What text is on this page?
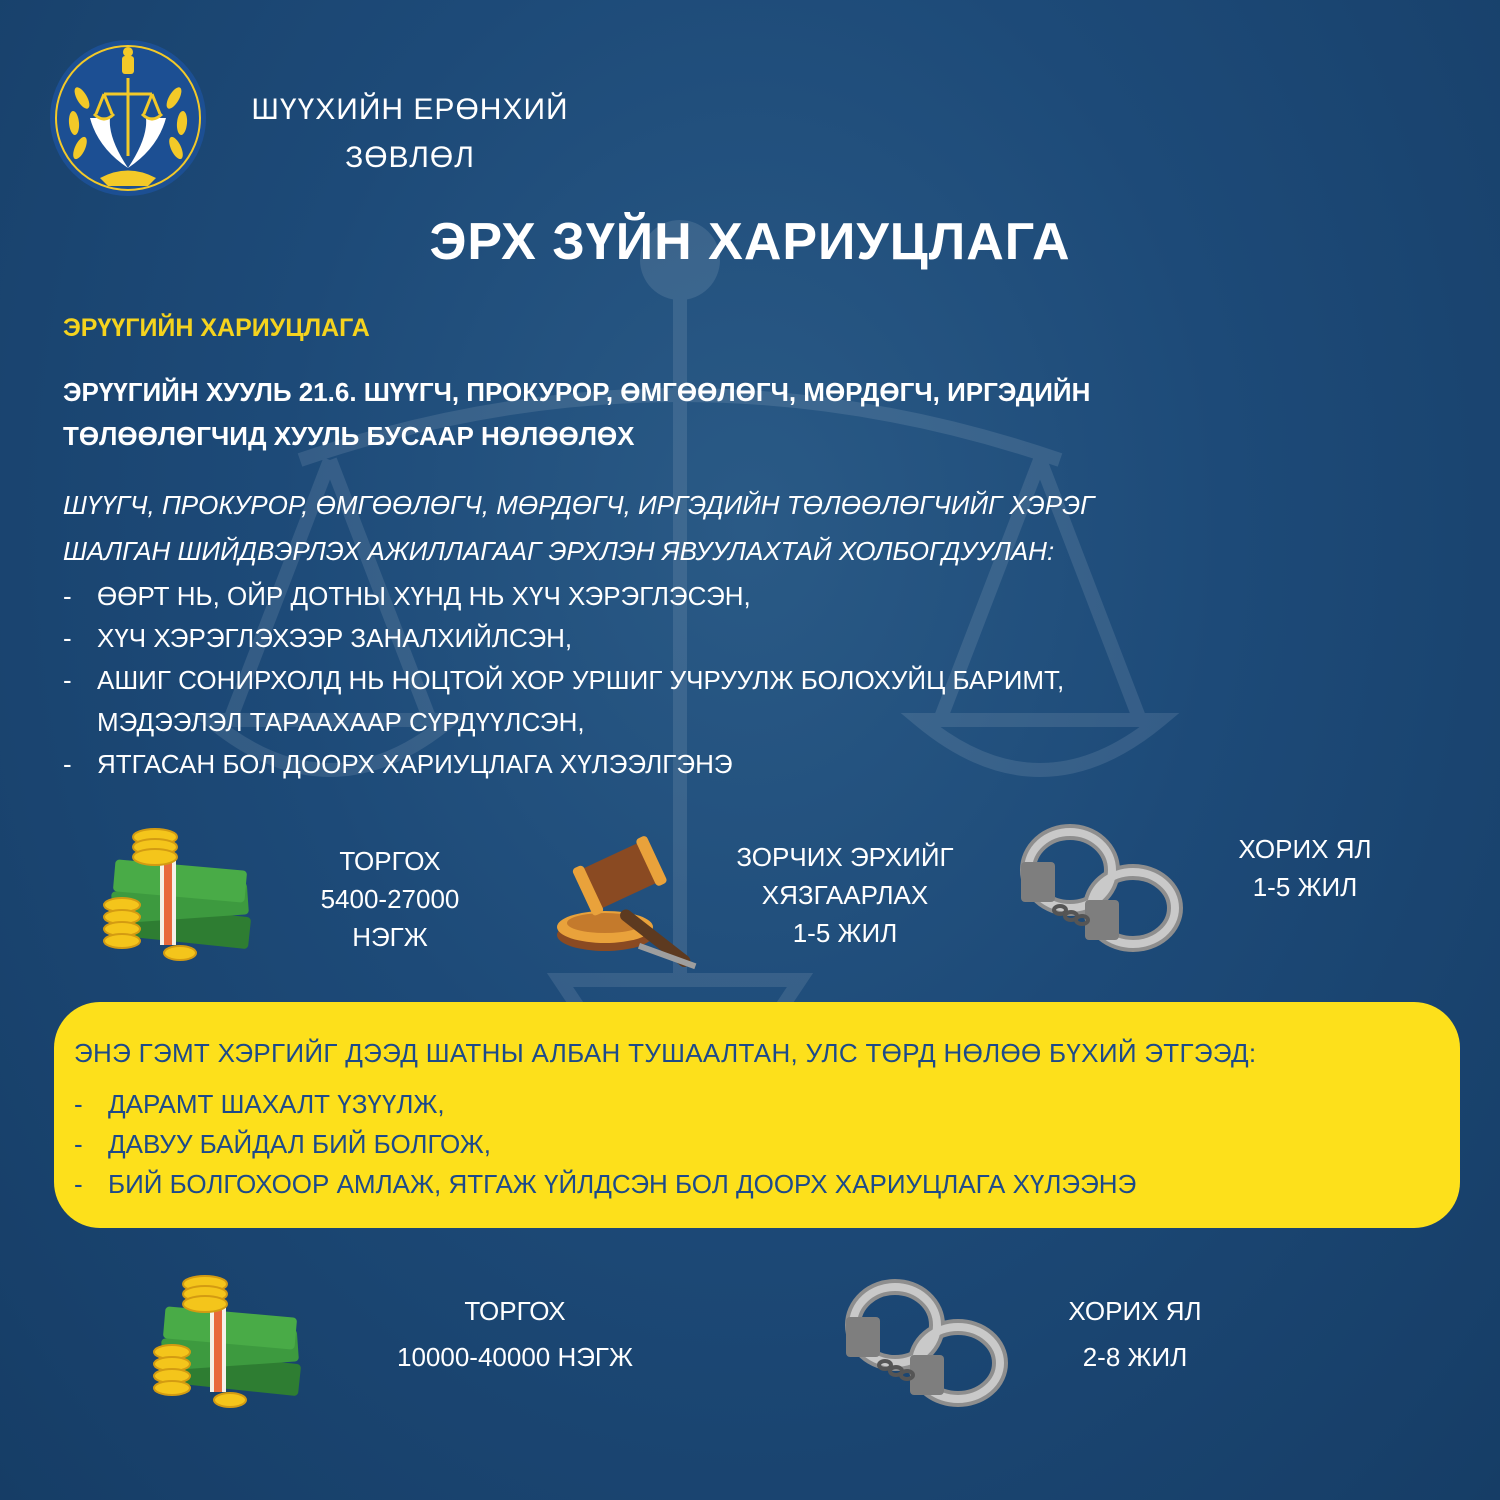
ШҮҮХИЙН ЕРӨНХИЙ
ЗӨВЛӨЛ
ЭРХ ЗҮЙН ХАРИУЦЛАГА
ЭРҮҮГИЙН ХАРИУЦЛАГА
ЭРҮҮГИЙН ХУУЛЬ 21.6. ШҮҮГЧ, ПРОКУРОР, ӨМГӨӨЛӨГЧ, МӨРДӨГЧ, ИРГЭДИЙН
ТӨЛӨӨЛӨГЧИД ХУУЛЬ БУСААР НӨЛӨӨЛӨХ
ШҮҮГЧ, ПРОКУРОР, ӨМГӨӨЛӨГЧ, МӨРДӨГЧ, ИРГЭДИЙН ТӨЛӨӨЛӨГЧИЙГ ХЭРЭГ
ШАЛГАН ШИЙДВЭРЛЭХ АЖИЛЛАГААГ ЭРХЛЭН ЯВУУЛАХТАЙ ХОЛБОГДУУЛАН:
- ӨӨРТ НЬ, ОЙР ДОТНЫ ХҮНД НЬ ХҮЧ ХЭРЭГЛЭСЭН,
- ХҮЧ ХЭРЭГЛЭХЭЭР ЗАНАЛХИЙЛСЭН,
- АШИГ СОНИРХОЛД НЬ НОЦТОЙ ХОР УРШИГ УЧРУУЛЖ БОЛОХУЙЦ БАРИМТ,
МЭДЭЭЛЭЛ ТАРААХААР СҮРДҮҮЛСЭН,
- ЯТГАСАН БОЛ ДООРХ ХАРИУЦЛАГА ХҮЛЭЭЛГЭНЭ
ТОРГОХ
5400-27000
НЭГЖ
ЗОРЧИХ ЭРХИЙГ
ХЯЗГААРЛАХ
1-5 ЖИЛ
ХОРИХ ЯЛ
1-5 ЖИЛ
ЭНЭ ГЭМТ ХЭРГИЙГ ДЭЭД ШАТНЫ АЛБАН ТУШААЛТАН, УЛС ТӨРД НӨЛӨӨ БҮХИЙ ЭТГЭЭД:
- ДАРАМТ ШАХАЛТ ҮЗҮҮЛЖ,
- ДАВУУ БАЙДАЛ БИЙ БОЛГОЖ,
- БИЙ БОЛГОХООР АМЛАЖ, ЯТГАЖ ҮЙЛДСЭН БОЛ ДООРХ ХАРИУЦЛАГА ХҮЛЭЭНЭ
ТОРГОХ
10000-40000 НЭГЖ
ХОРИХ ЯЛ
2-8 ЖИЛ
